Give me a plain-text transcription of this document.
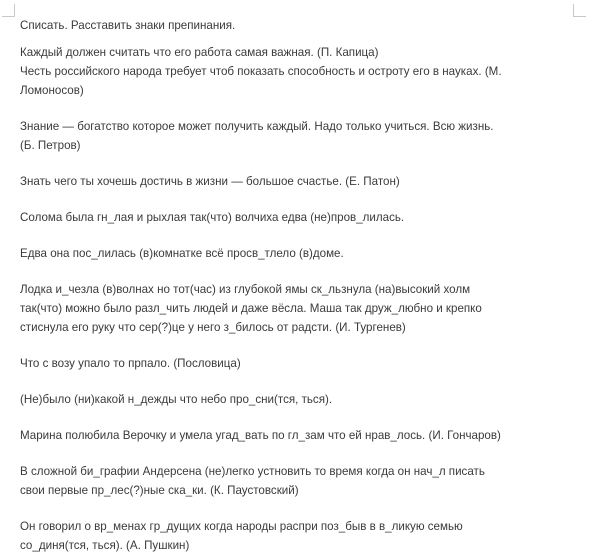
Списать. Расставить знаки препинания.

Каждый должен считать что его работа самая важная. (П. Капица)

Честь российского народа требует чтоб показать способность и остроту его в науках. (М.

Ломоносов)

Знание — богатство которое может получить каждый. Надо только учиться. Всю жизнь.

(Б. Петров)

Знать чего ты хочешь достичь в жизни — большое счастье. (Е. Патон)

Солома была гн_лая и рыхлая так(что) волчиха едва (не)пров_лилась.

Едва она пос_лилась (в)комнатке всё просв_тлело (в)доме.

Лодка и_чезла (в)волнах но тот(час) из глубокой ямы ск_льзнула (на)высокий холм

так(что) можно было разл_чить людей и даже вёсла. Маша так друж_любно и крепко

стиснула его руку что сер(?)це у него з_билось от радсти. (И. Тургенев)

Что с возу упало то прпало. (Пословица)

(Не)было (ни)какой н_дежды что небо про_сни(тся, ться).

Марина полюбила Верочку и умела угад_вать по гл_зам что ей нрав_лось. (И. Гончаров)

В сложной би_графии Андерсена (не)легко устновить то время когда он нач_л писать

свои первые пр_лес(?)ные ска_ки. (К. Паустовский)

Он говорил о вр_менах гр_дущих когда народы распри поз_быв в в_ликую семью

со_диня(тся, ться). (А. Пушкин)
